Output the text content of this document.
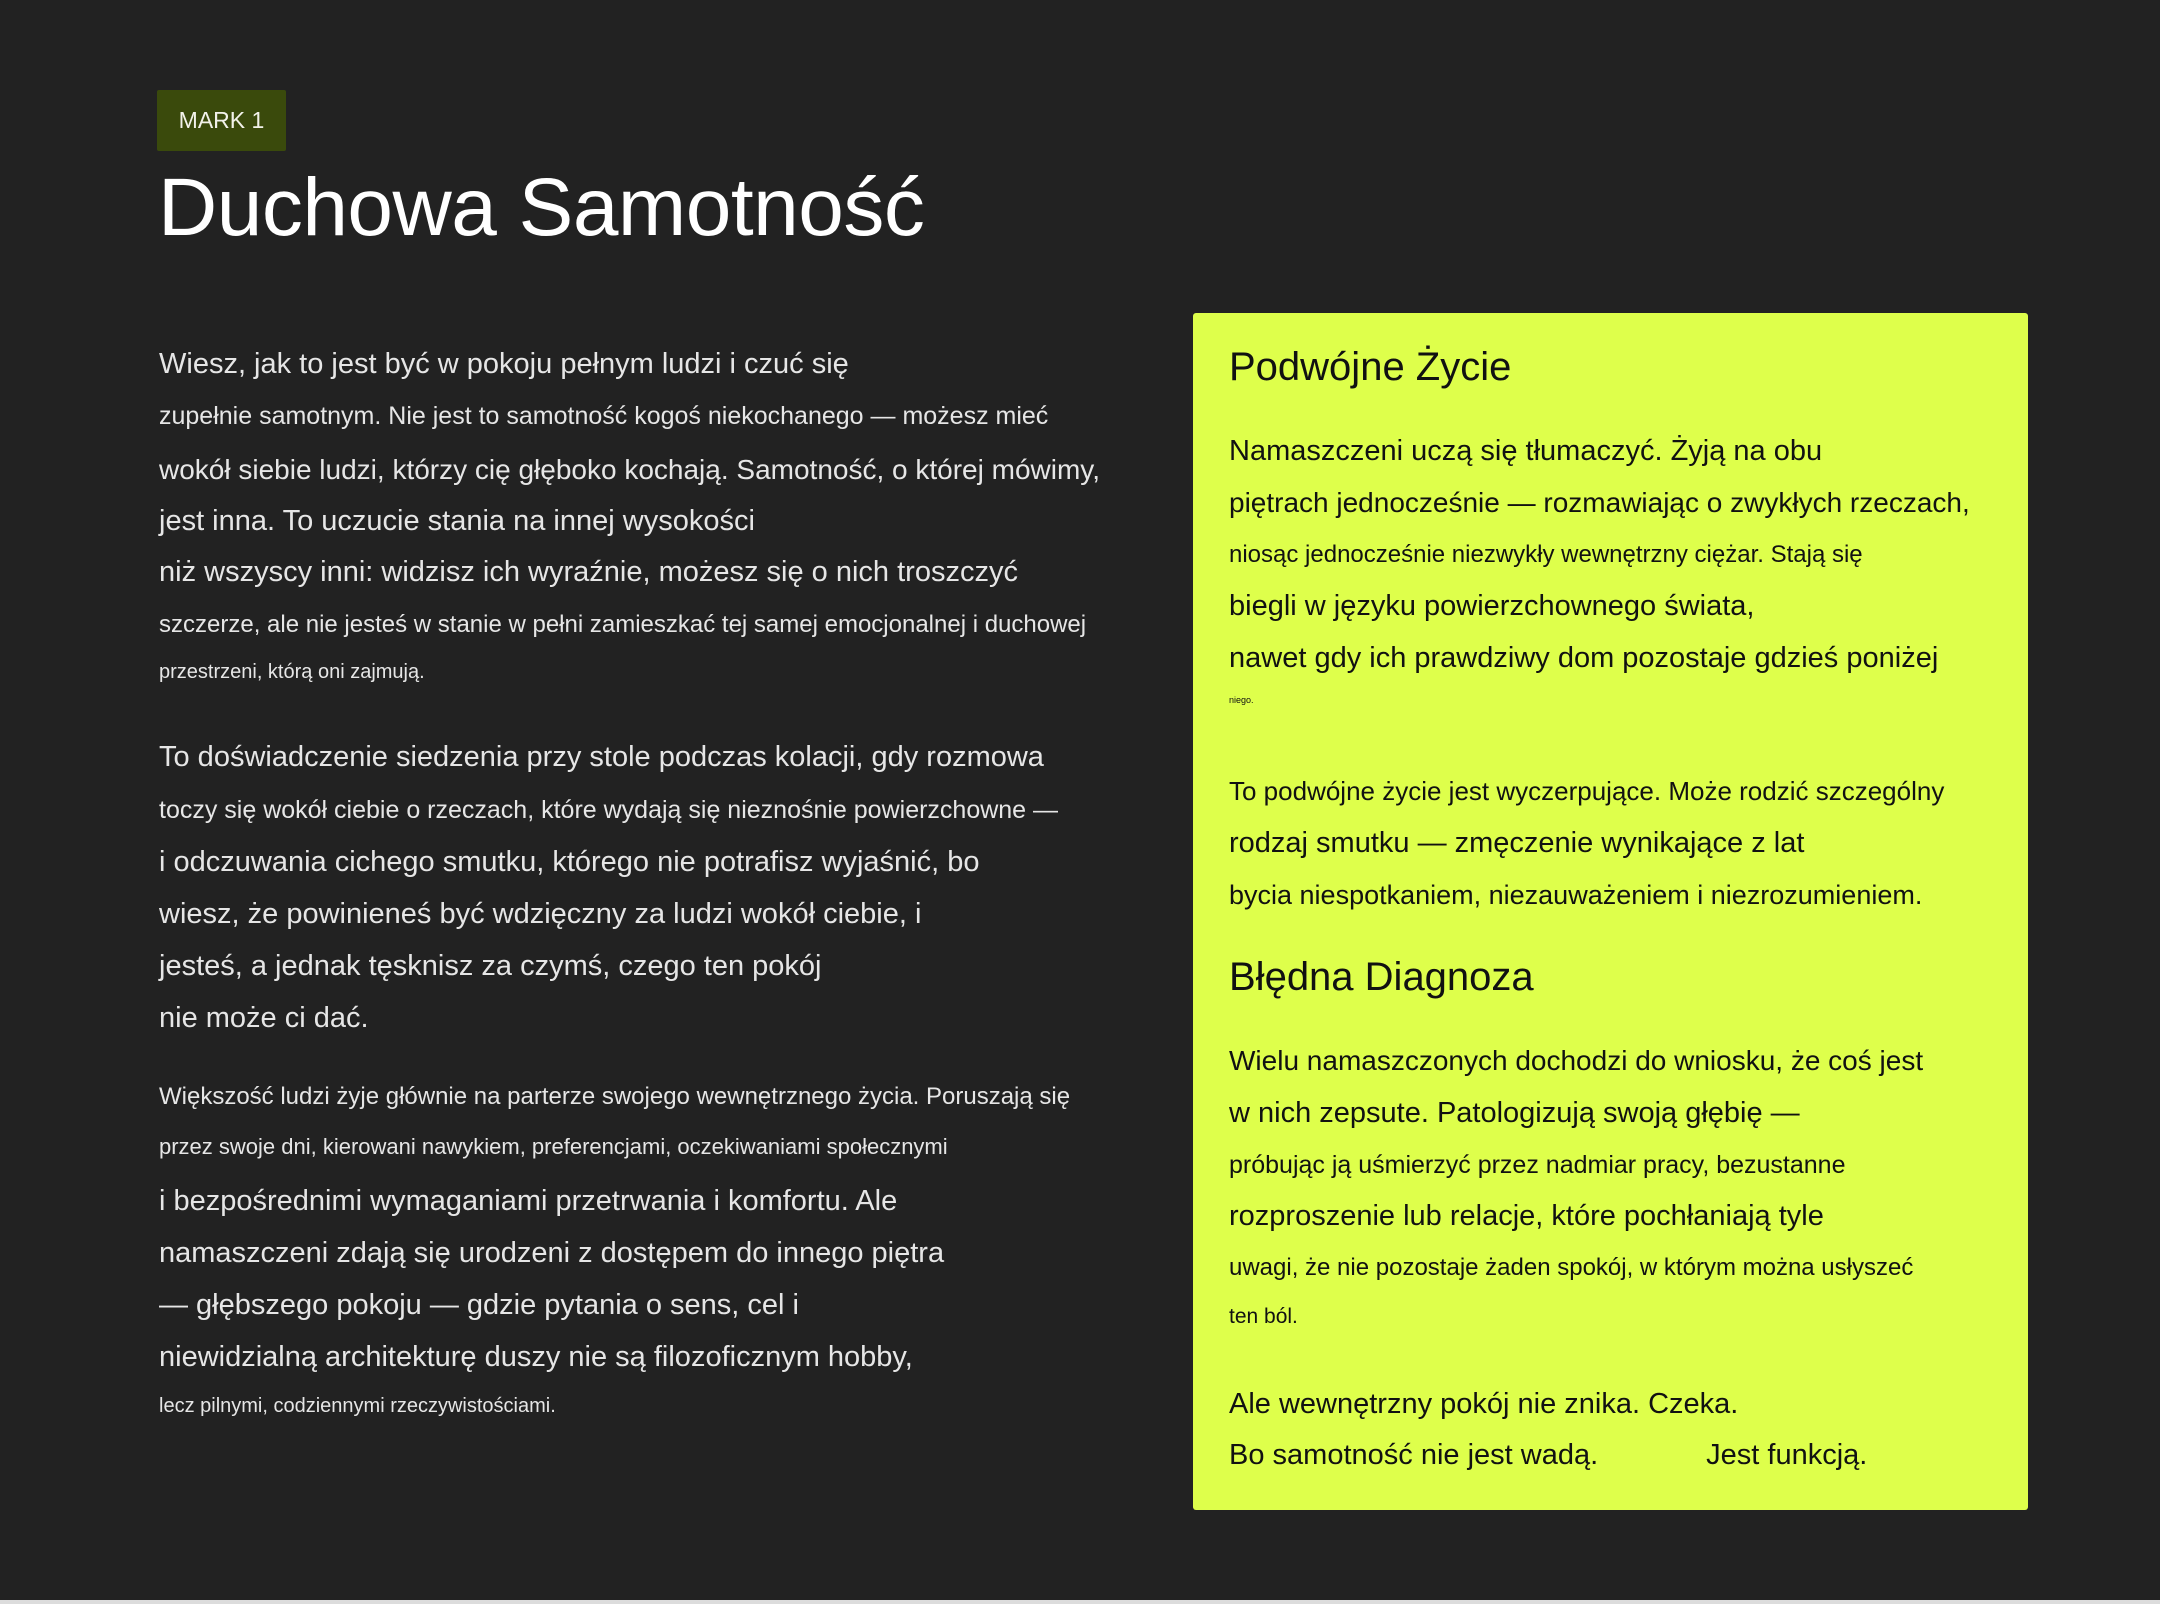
MARK 1
Duchowa Samotność

Wiesz, jak to jest być w pokoju pełnym ludzi i czuć się

zupełnie samotnym. Nie jest to samotność kogoś niekochanego — możesz mieć

wokół siebie ludzi, którzy cię głęboko kochają. Samotność, o której mówimy,

jest inna. To uczucie stania na innej wysokości

niż wszyscy inni: widzisz ich wyraźnie, możesz się o nich troszczyć

szczerze, ale nie jesteś w stanie w pełni zamieszkać tej samej emocjonalnej i duchowej

przestrzeni, którą oni zajmują.

To doświadczenie siedzenia przy stole podczas kolacji, gdy rozmowa

toczy się wokół ciebie o rzeczach, które wydają się nieznośnie powierzchowne —

i odczuwania cichego smutku, którego nie potrafisz wyjaśnić, bo

wiesz, że powinieneś być wdzięczny za ludzi wokół ciebie, i

jesteś, a jednak tęsknisz za czymś, czego ten pokój

nie może ci dać.

Większość ludzi żyje głównie na parterze swojego wewnętrznego życia. Poruszają się

przez swoje dni, kierowani nawykiem, preferencjami, oczekiwaniami społecznymi

i bezpośrednimi wymaganiami przetrwania i komfortu. Ale

namaszczeni zdają się urodzeni z dostępem do innego piętra

— głębszego pokoju — gdzie pytania o sens, cel i

niewidzialną architekturę duszy nie są filozoficznym hobby,

lecz pilnymi, codziennymi rzeczywistościami.

Podwójne Życie

Namaszczeni uczą się tłumaczyć. Żyją na obu

piętrach jednocześnie — rozmawiając o zwykłych rzeczach,

niosąc jednocześnie niezwykły wewnętrzny ciężar. Stają się

biegli w języku powierzchownego świata,

nawet gdy ich prawdziwy dom pozostaje gdzieś poniżej

niego.

To podwójne życie jest wyczerpujące. Może rodzić szczególny

rodzaj smutku — zmęczenie wynikające z lat

bycia niespotkaniem, niezauważeniem i niezrozumieniem.

Błędna Diagnoza

Wielu namaszczonych dochodzi do wniosku, że coś jest

w nich zepsute. Patologizują swoją głębię —

próbując ją uśmierzyć przez nadmiar pracy, bezustanne

rozproszenie lub relacje, które pochłaniają tyle

uwagi, że nie pozostaje żaden spokój, w którym można usłyszeć

ten ból.

Ale wewnętrzny pokój nie znika. Czeka.

Bo samotność nie jest wadą.	Jest funkcją.
